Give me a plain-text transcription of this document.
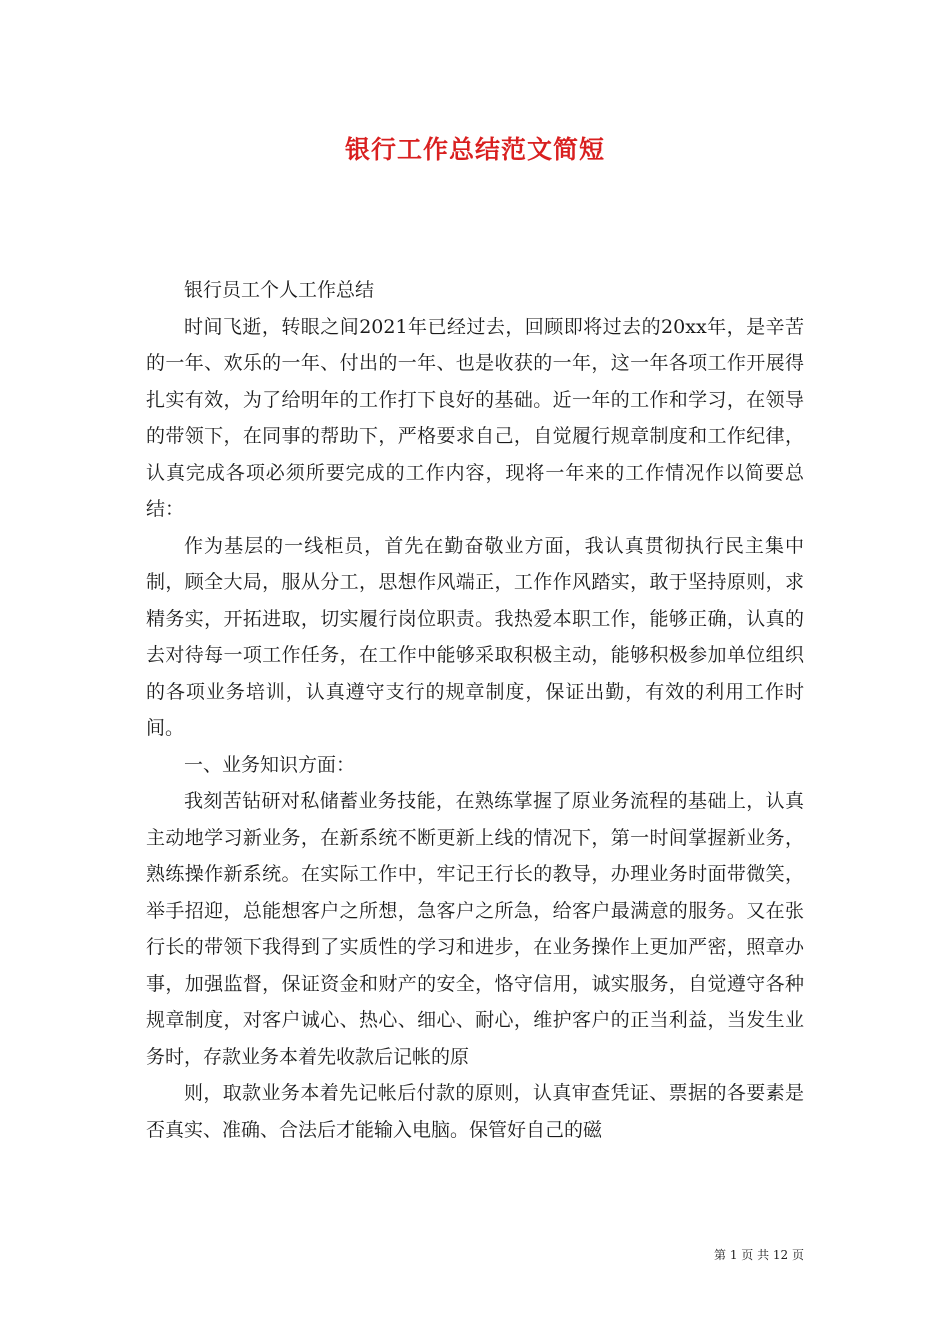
银行工作总结范文简短

银行员工个人工作总结

时间飞逝，转眼之间2021年已经过去，回顾即将过去的20xx年，是辛苦的一年、欢乐的一年、付出的一年、也是收获的一年，这一年各项工作开展得扎实有效，为了给明年的工作打下良好的基础。近一年的工作和学习，在领导的带领下，在同事的帮助下，严格要求自己，自觉履行规章制度和工作纪律，认真完成各项必须所要完成的工作内容，现将一年来的工作情况作以简要总结：

作为基层的一线柜员，首先在勤奋敬业方面，我认真贯彻执行民主集中制，顾全大局，服从分工，思想作风端正，工作作风踏实，敢于坚持原则，求精务实，开拓进取，切实履行岗位职责。我热爱本职工作，能够正确，认真的去对待每一项工作任务，在工作中能够采取积极主动，能够积极参加单位组织的各项业务培训，认真遵守支行的规章制度，保证出勤，有效的利用工作时间。

一、业务知识方面：

我刻苦钻研对私储蓄业务技能，在熟练掌握了原业务流程的基础上，认真主动地学习新业务，在新系统不断更新上线的情况下，第一时间掌握新业务，熟练操作新系统。在实际工作中，牢记王行长的教导，办理业务时面带微笑，举手招迎，总能想客户之所想，急客户之所急，给客户最满意的服务。又在张行长的带领下我得到了实质性的学习和进步，在业务操作上更加严密，照章办事，加强监督，保证资金和财产的安全，恪守信用，诚实服务，自觉遵守各种规章制度，对客户诚心、热心、细心、耐心，维护客户的正当利益，当发生业务时，存款业务本着先收款后记帐的原

则，取款业务本着先记帐后付款的原则，认真审查凭证、票据的各要素是否真实、准确、合法后才能输入电脑。保管好自己的磁

第 1 页 共 12 页
